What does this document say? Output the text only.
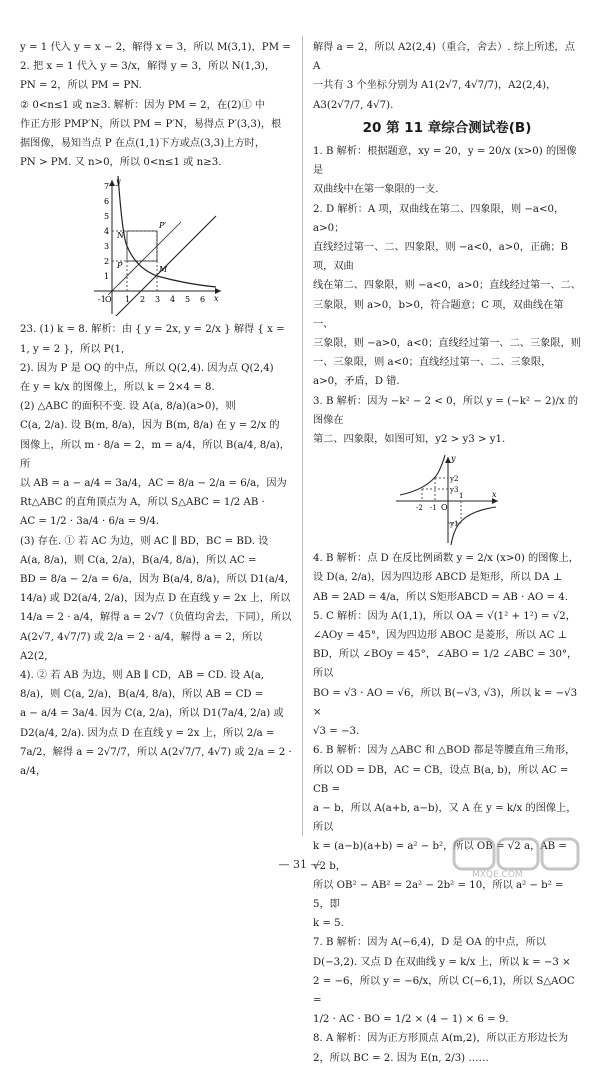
y = 1 代入 y = x − 2，解得 x = 3，所以 M(3,1)，PM =

2. 把 x = 1 代入 y = 3/x，解得 y = 3，所以 N(1,3)，

PN = 2，所以 PM = PN.

② 0<n≤1 或 n≥3. 解析：因为 PM = 2，在(2)① 中

作正方形 PMP′N，所以 PM = P′N，易得点 P′(3,3)，根

据图像，易知当点 P 在点(1,1)下方或点(3,3)上方时，

PN > PM. 又 n>0，所以 0<n≤1 或 n≥3.

-1 O 1 2 3 4 5 6
1
2
3
4
5
6
7
N
P′
P	M
x
y

23. (1) k = 8. 解析：由 { y = 2x, y = 2/x } 解得 { x = 1, y = 2 }，所以 P(1,

2). 因为 P 是 OQ 的中点，所以 Q(2,4). 因为点 Q(2,4)

在 y = k/x 的图像上，所以 k = 2×4 = 8.

(2) △ABC 的面积不变. 设 A(a, 8/a)(a>0)，则

C(a, 2/a). 设 B(m, 8/a)，因为 B(m, 8/a) 在 y = 2/x 的

图像上，所以 m · 8/a = 2，m = a/4，所以 B(a/4, 8/a)，所

以 AB = a − a/4 = 3a/4，AC = 8/a − 2/a = 6/a，因为

Rt△ABC 的直角顶点为 A，所以 S△ABC = 1/2 AB ·

AC = 1/2 · 3a/4 · 6/a = 9/4.

(3) 存在. ① 若 AC 为边，则 AC ∥ BD，BC = BD. 设

A(a, 8/a)，则 C(a, 2/a)，B(a/4, 8/a)，所以 AC =

BD = 8/a − 2/a = 6/a，因为 B(a/4, 8/a)，所以 D1(a/4,

14/a) 或 D2(a/4, 2/a)，因为点 D 在直线 y = 2x 上，所以

14/a = 2 · a/4，解得 a = 2√7（负值均舍去，下同），所以

A(2√7, 4√7/7) 或 2/a = 2 · a/4，解得 a = 2，所以 A2(2,

4). ② 若 AB 为边，则 AB ∥ CD，AB = CD. 设 A(a,

8/a)，则 C(a, 2/a)，B(a/4, 8/a)，所以 AB = CD =

a − a/4 = 3a/4. 因为 C(a, 2/a)，所以 D1(7a/4, 2/a) 或

D2(a/4, 2/a). 因为点 D 在直线 y = 2x 上，所以 2/a =

7a/2，解得 a = 2√7/7，所以 A(2√7/7, 4√7) 或 2/a = 2 · a/4，

解得 a = 2，所以 A2(2,4)（重合，舍去）. 综上所述，点 A

一共有 3 个坐标分别为 A1(2√7, 4√7/7)，A2(2,4)，

A3(2√7/7, 4√7).

20 第 11 章综合测试卷(B)

1. B 解析：根据题意，xy = 20，y = 20/x (x>0) 的图像是

双曲线中在第一象限的一支.

2. D 解析：A 项，双曲线在第二、四象限，则 −a<0，a>0；

直线经过第一、二、四象限，则 −a<0，a>0，正确；B 项，双曲

线在第二、四象限，则 −a<0，a>0；直线经过第一、二、

三象限，则 a>0，b>0，符合题意；C 项，双曲线在第一、

三象限，则 −a>0，a<0；直线经过第一、二、三象限，则

一、三象限，则 a<0；直线经过第一、二、三象限，

a>0，矛盾，D 错.

3. B 解析：因为 −k² − 2 < 0，所以 y = (−k² − 2)/x 的图像在

第二、四象限，如图可知，y2 > y3 > y1.

y
x
O
y1
y2
y3
-2 -1
1

4. B 解析：点 D 在反比例函数 y = 2/x (x>0) 的图像上，

设 D(a, 2/a)，因为四边形 ABCD 是矩形，所以 DA ⊥

AB = 2AD = 4/a，所以 S矩形ABCD = AB · AO = 4.

5. C 解析：因为 A(1,1)，所以 OA = √(1² + 1²) = √2，

∠AOy = 45°，因为四边形 ABOC 是菱形，所以 AC ⊥

BD，所以 ∠BOy = 45°，∠ABO = 1/2 ∠ABC = 30°，所以

BO = √3 · AO = √6，所以 B(−√3, √3)，所以 k = −√3 ×

√3 = −3.

6. B 解析：因为 △ABC 和 △BOD 都是等腰直角三角形，

所以 OD = DB，AC = CB，设点 B(a, b)，所以 AC = CB =

a − b，所以 A(a+b, a−b)，又 A 在 y = k/x 的图像上，所以

k = (a−b)(a+b) = a² − b²，所以 OB = √2 a，AB = √2 b，

所以 OB² − AB² = 2a² − 2b² = 10，所以 a² − b² = 5，即

k = 5.

7. B 解析：因为 A(−6,4)，D 是 OA 的中点，所以

D(−3,2). 又点 D 在双曲线 y = k/x 上，所以 k = −3 ×

2 = −6，所以 y = −6/x，所以 C(−6,1)，所以 S△AOC =

1/2 · AC · BO = 1/2 × (4 − 1) × 6 = 9.

8. A 解析：因为正方形顶点 A(m,2)，所以正方形边长为

2，所以 BC = 2. 因为 E(n, 2/3) ……

— 31 —
MXQE.COM
